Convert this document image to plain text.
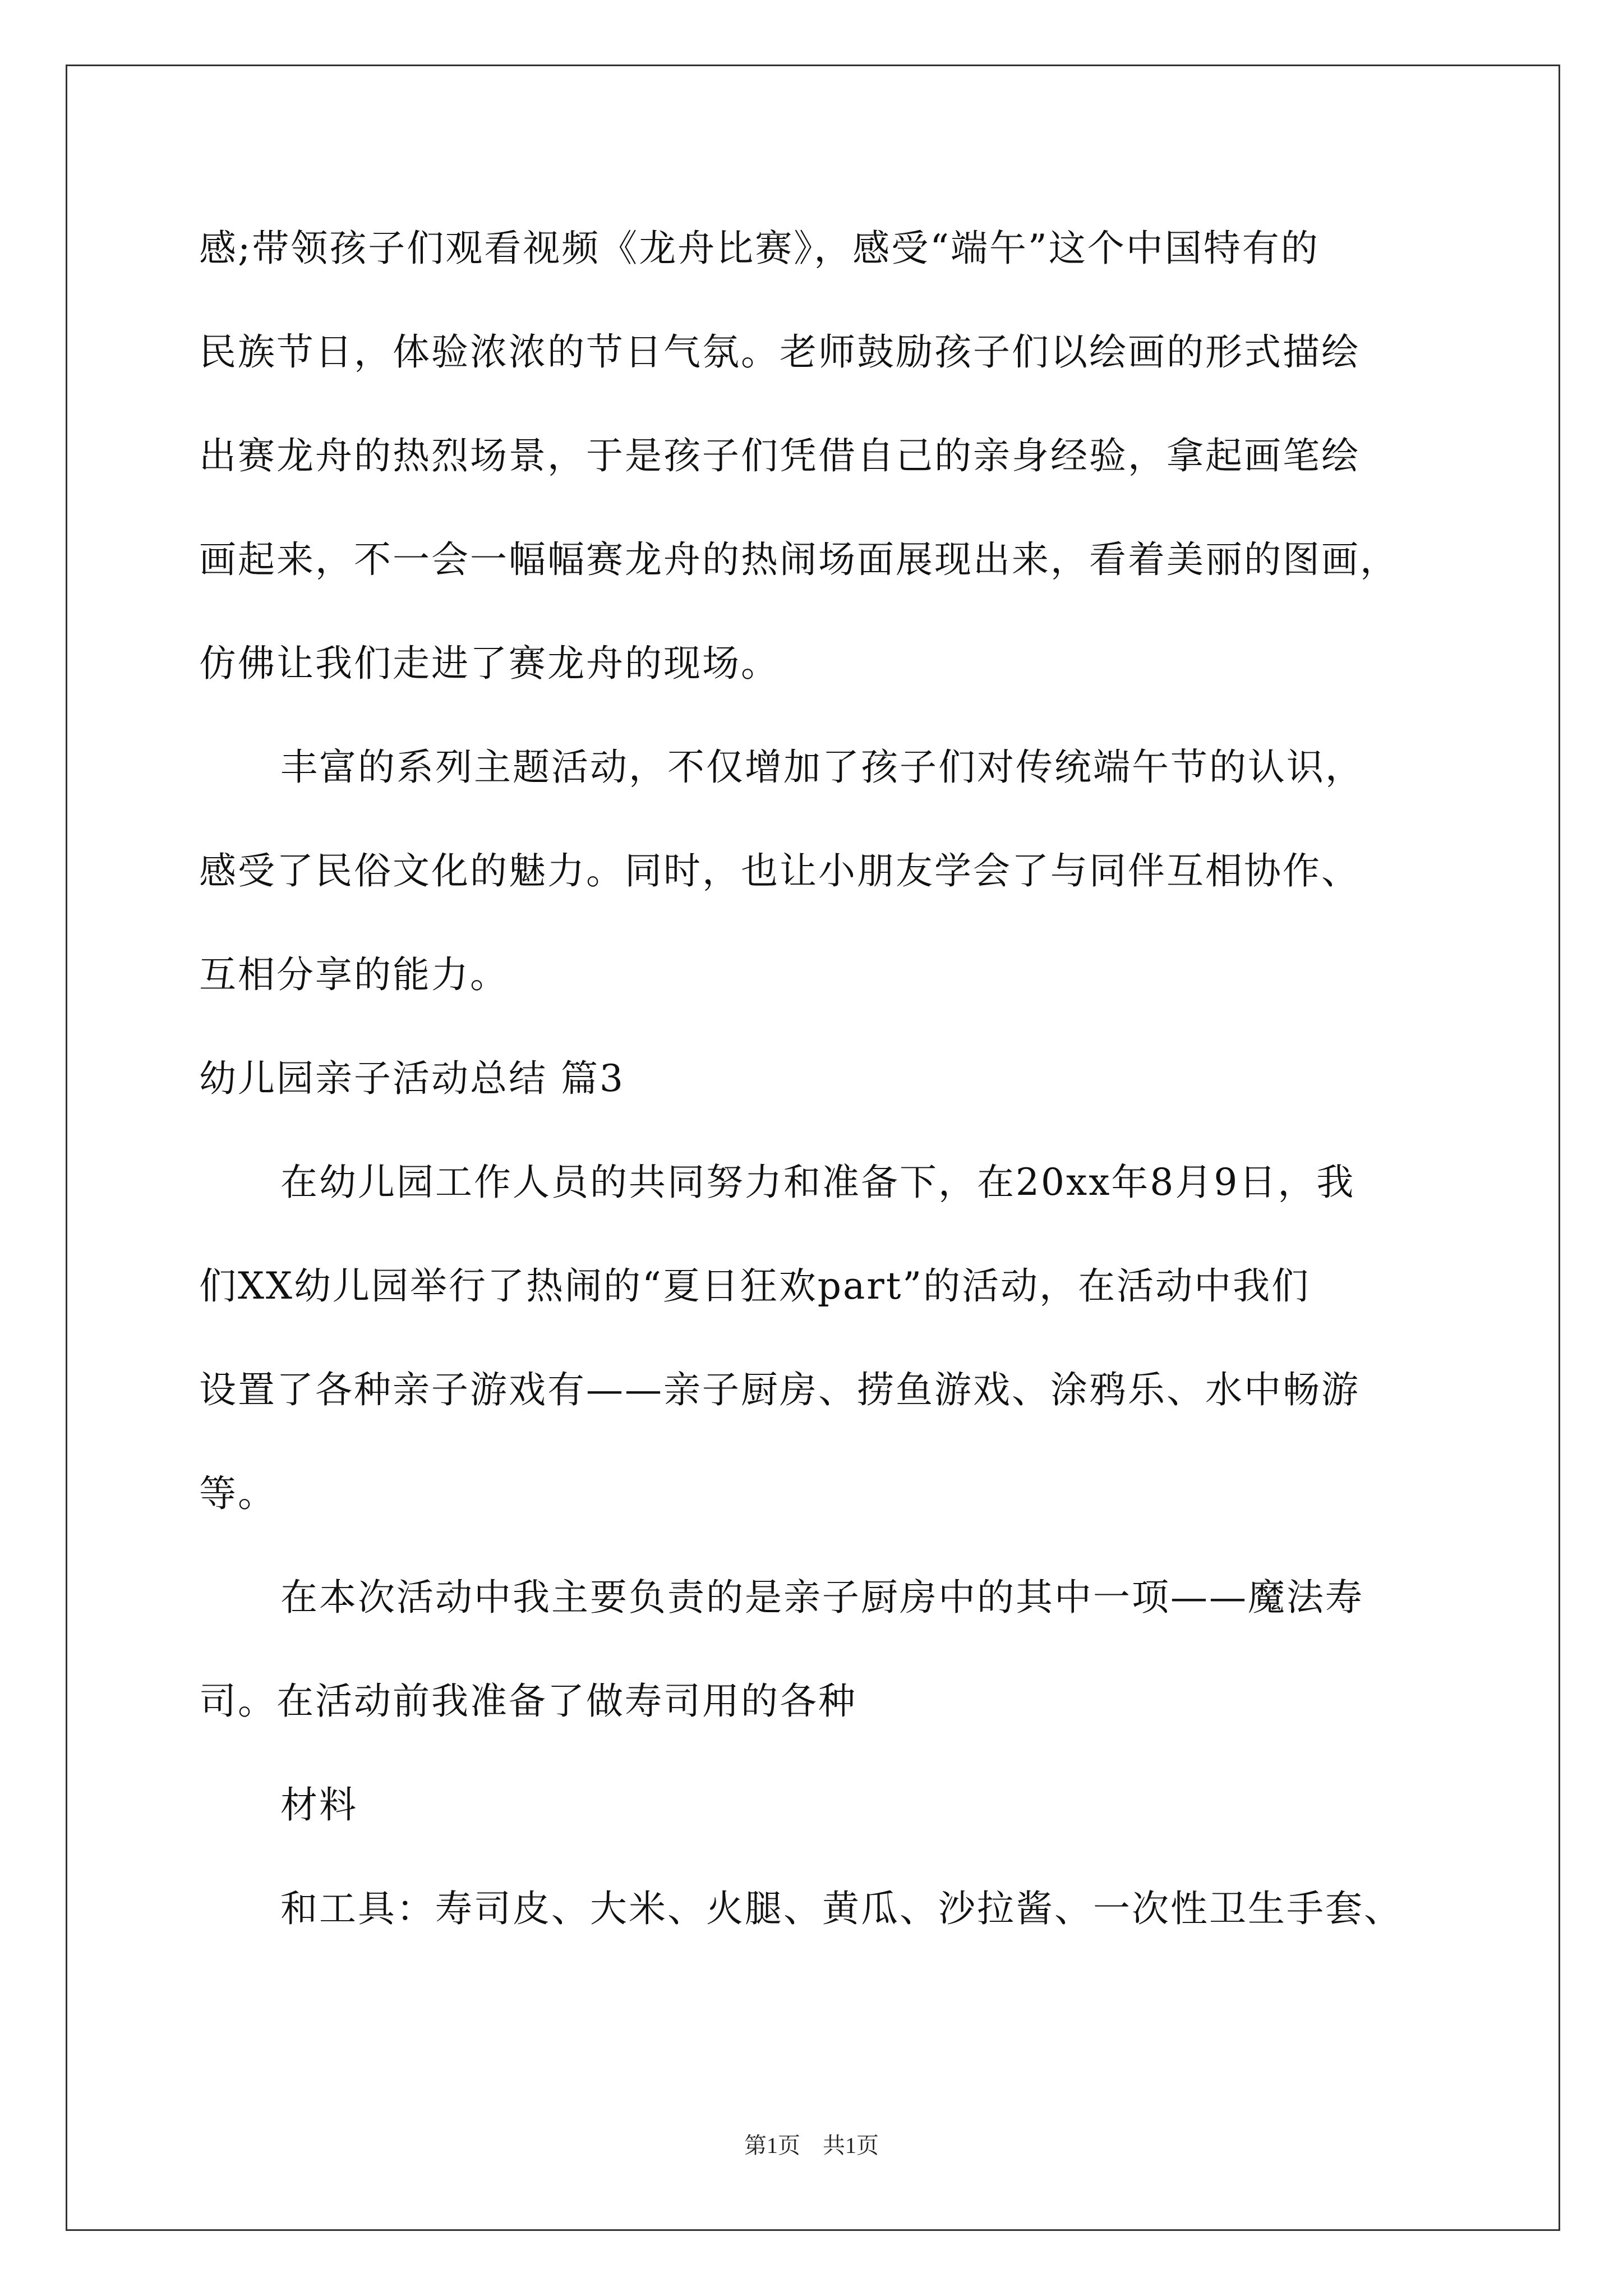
感;带领孩子们观看视频《龙舟比赛》，感受“端午”这个中国特有的
民族节日，体验浓浓的节日气氛。老师鼓励孩子们以绘画的形式描绘
出赛龙舟的热烈场景，于是孩子们凭借自己的亲身经验，拿起画笔绘
画起来，不一会一幅幅赛龙舟的热闹场面展现出来，看着美丽的图画，
仿佛让我们走进了赛龙舟的现场。
丰富的系列主题活动，不仅增加了孩子们对传统端午节的认识，
感受了民俗文化的魅力。同时，也让小朋友学会了与同伴互相协作、
互相分享的能力。
幼儿园亲子活动总结 篇3
在幼儿园工作人员的共同努力和准备下，在20xx年8月9日，我
们XX幼儿园举行了热闹的“夏日狂欢part”的活动，在活动中我们
设置了各种亲子游戏有——亲子厨房、捞鱼游戏、涂鸦乐、水中畅游
等。
在本次活动中我主要负责的是亲子厨房中的其中一项——魔法寿
司。在活动前我准备了做寿司用的各种
材料
和工具：寿司皮、大米、火腿、黄瓜、沙拉酱、一次性卫生手套、
第1页 共1页
